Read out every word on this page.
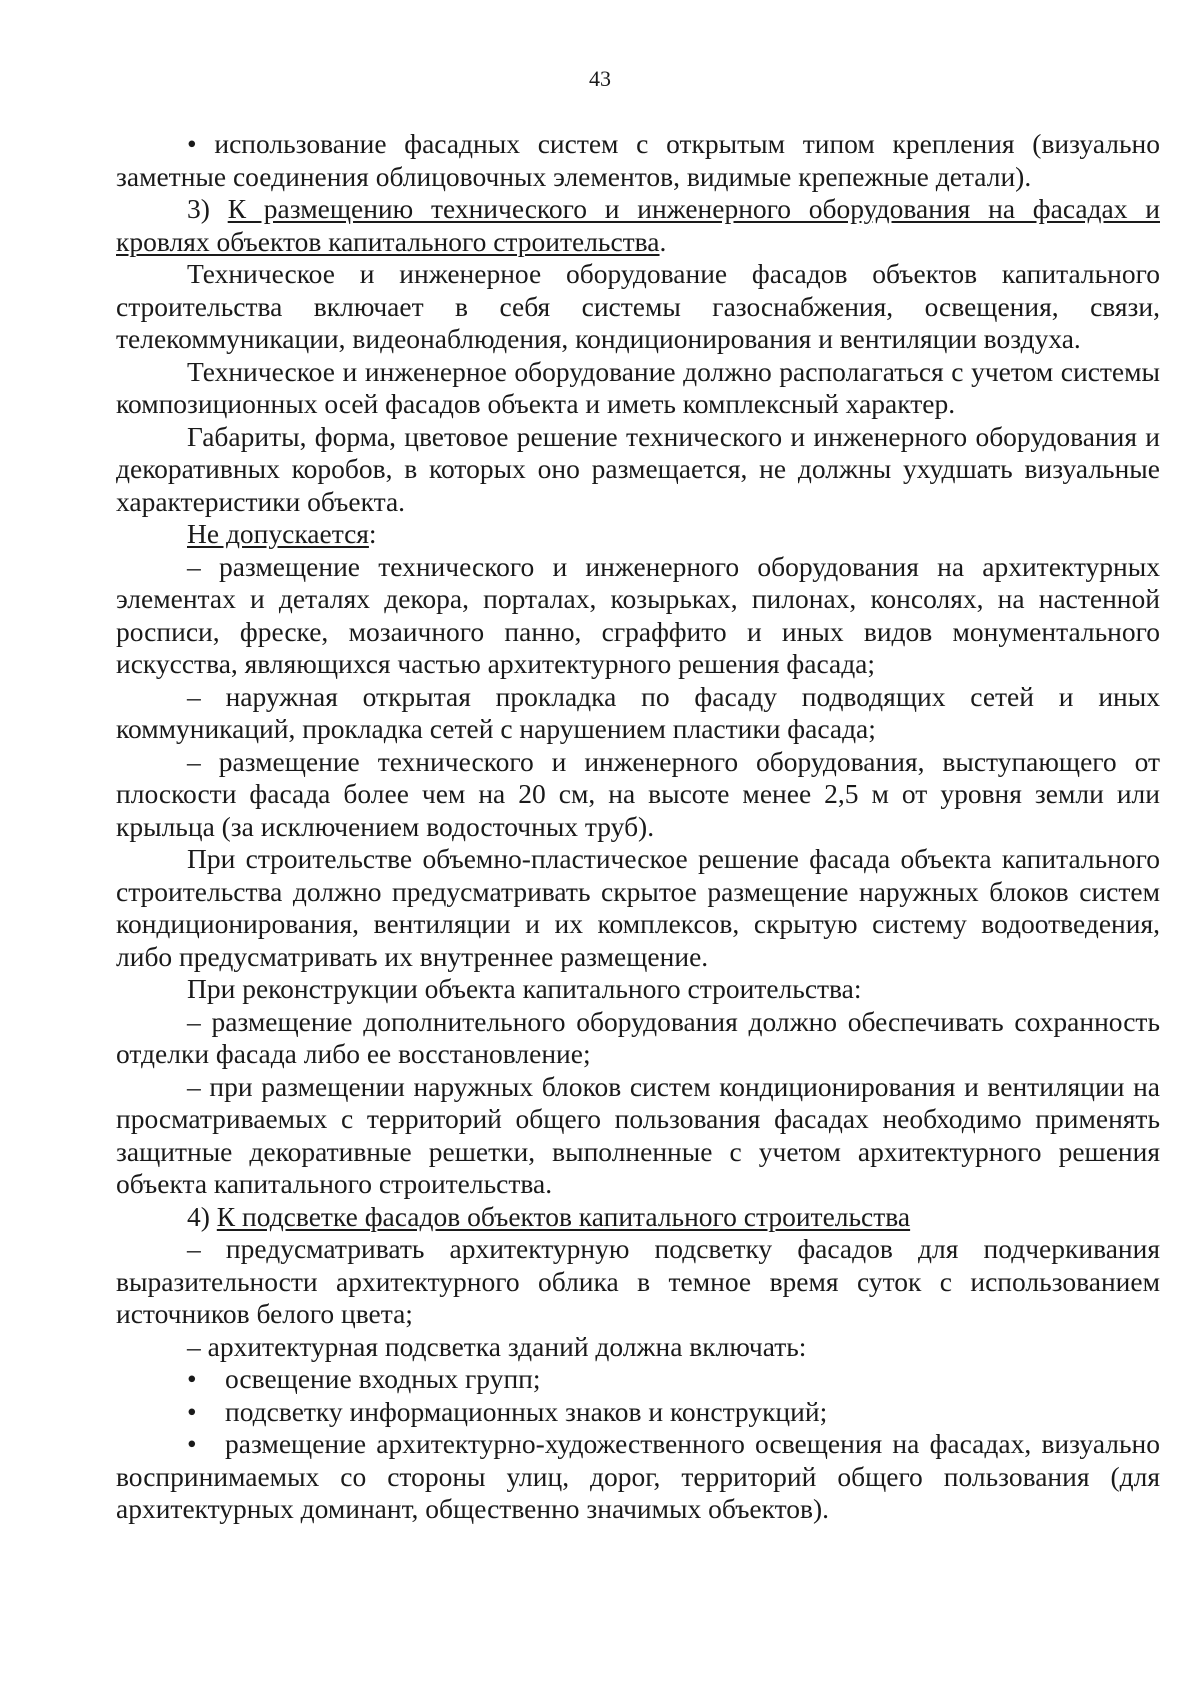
43

• использование фасадных систем с открытым типом крепления (визуально заметные соединения облицовочных элементов, видимые крепежные детали).

3) К размещению технического и инженерного оборудования на фасадах и кровлях объектов капитального строительства.

Техническое и инженерное оборудование фасадов объектов капитального строительства включает в себя системы газоснабжения, освещения, связи, телекоммуникации, видеонаблюдения, кондиционирования и вентиляции воздуха.

Техническое и инженерное оборудование должно располагаться с учетом системы композиционных осей фасадов объекта и иметь комплексный характер.

Габариты, форма, цветовое решение технического и инженерного оборудования и декоративных коробов, в которых оно размещается, не должны ухудшать визуальные характеристики объекта.

Не допускается:

– размещение технического и инженерного оборудования на архитектурных элементах и деталях декора, порталах, козырьках, пилонах, консолях, на настенной росписи, фреске, мозаичного панно, сграффито и иных видов монументального искусства, являющихся частью архитектурного решения фасада;

– наружная открытая прокладка по фасаду подводящих сетей и иных коммуникаций, прокладка сетей с нарушением пластики фасада;

– размещение технического и инженерного оборудования, выступающего от плоскости фасада более чем на 20 см, на высоте менее 2,5 м от уровня земли или крыльца (за исключением водосточных труб).

При строительстве объемно-пластическое решение фасада объекта капитального строительства должно предусматривать скрытое размещение наружных блоков систем кондиционирования, вентиляции и их комплексов, скрытую систему водоотведения, либо предусматривать их внутреннее размещение.

При реконструкции объекта капитального строительства:

– размещение дополнительного оборудования должно обеспечивать сохранность отделки фасада либо ее восстановление;

– при размещении наружных блоков систем кондиционирования и вентиляции на просматриваемых с территорий общего пользования фасадах необходимо применять защитные декоративные решетки, выполненные с учетом архитектурного решения объекта капитального строительства.

4) К подсветке фасадов объектов капитального строительства

– предусматривать архитектурную подсветку фасадов для подчеркивания выразительности архитектурного облика в темное время суток с использованием источников белого цвета;

– архитектурная подсветка зданий должна включать:

• освещение входных групп;

• подсветку информационных знаков и конструкций;

• размещение архитектурно-художественного освещения на фасадах, визуально воспринимаемых со стороны улиц, дорог, территорий общего пользования (для архитектурных доминант, общественно значимых объектов).
